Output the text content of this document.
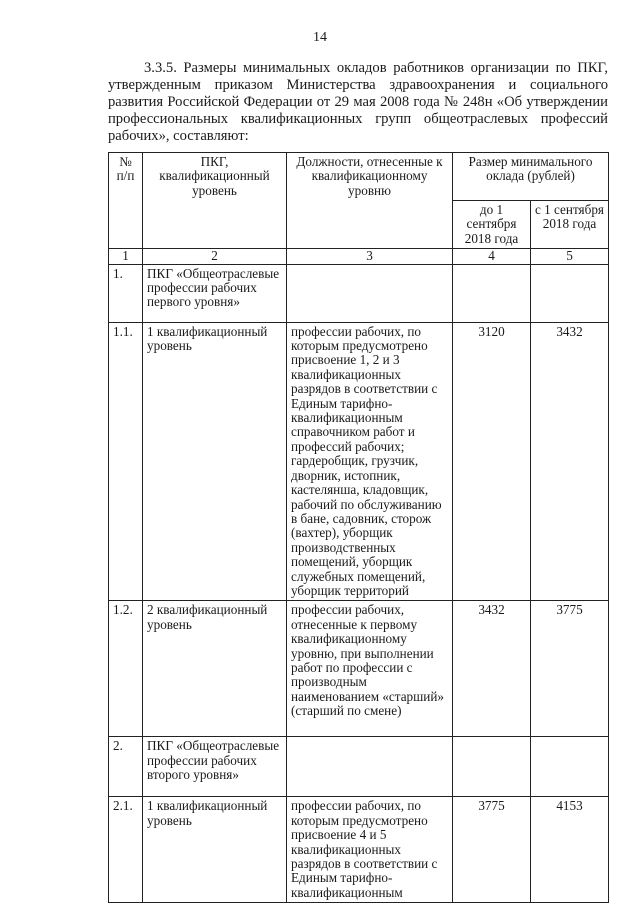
14

3.3.5. Размеры минимальных окладов работников организации по ПКГ, утвержденным приказом Министерства здравоохранения и социального развития Российской Федерации от 29 мая 2008 года № 248н «Об утверждении профессиональных квалификационных групп общеотраслевых профессий рабочих», составляют:

№ п/п	ПКГ, квалификационный уровень	Должности, отнесенные к квалификационному уровню	Размер минимального оклада (рублей)	
			до 1 сентября 2018 года	с 1 сентября 2018 года
1	2	3	4	5
1.	ПКГ «Общеотраслевые профессии рабочих первого уровня»			
1.1.	1 квалификационный уровень	профессии рабочих, по которым предусмотрено присвоение 1, 2 и 3 квалификационных разрядов в соответствии с Единым тарифно-квалификационным справочником работ и профессий рабочих; гардеробщик, грузчик, дворник, истопник, кастелянша, кладовщик, рабочий по обслуживанию в бане, садовник, сторож (вахтер), уборщик производственных помещений, уборщик служебных помещений, уборщик территорий	3120	3432
1.2.	2 квалификационный уровень	профессии рабочих, отнесенные к первому квалификационному уровню, при выполнении работ по профессии с производным наименованием «старший» (старший по смене)	3432	3775
2.	ПКГ «Общеотраслевые профессии рабочих второго уровня»			
2.1.	1 квалификационный уровень	профессии рабочих, по которым предусмотрено присвоение 4 и 5 квалификационных разрядов в соответствии с Единым тарифно-квалификационным	3775	4153
